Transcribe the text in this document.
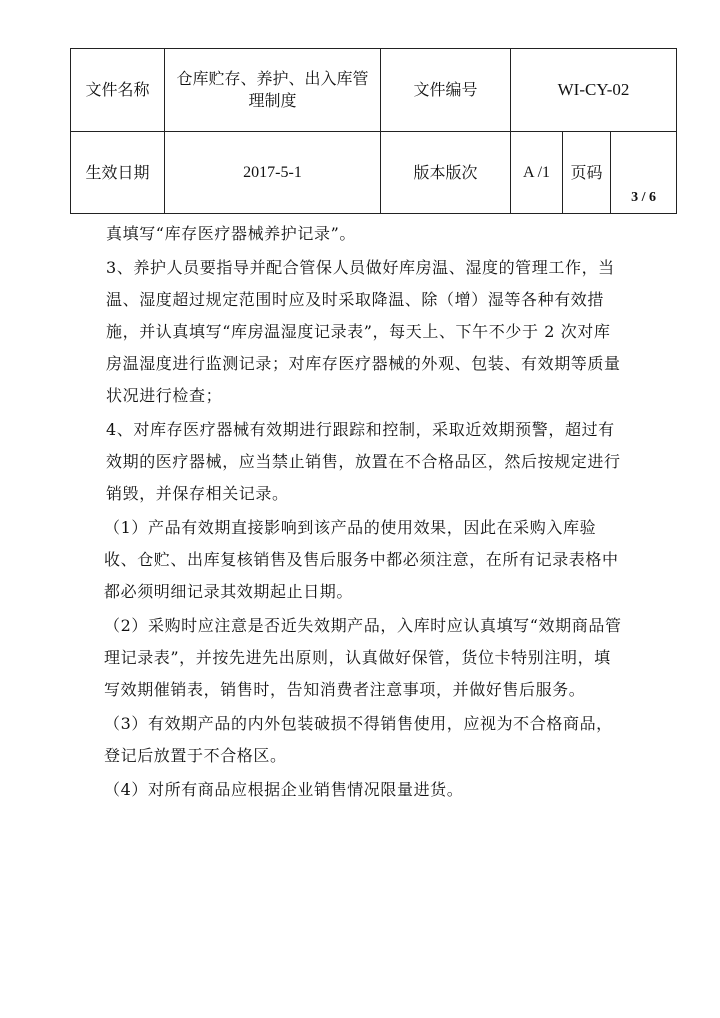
文件名称	仓库贮存、养护、出入库管理制度	文件编号	WI-CY-02		
生效日期	2017-5-1	版本版次	A /1	页码	3 / 6

真填写“库存医疗器械养护记录”。

3、养护人员要指导并配合管保人员做好库房温、湿度的管理工作，当温、湿度超过规定范围时应及时采取降温、除（增）湿等各种有效措施，并认真填写“库房温湿度记录表”，每天上、下午不少于 2 次对库房温湿度进行监测记录；对库存医疗器械的外观、包装、有效期等质量状况进行检查；

4、对库存医疗器械有效期进行跟踪和控制，采取近效期预警，超过有效期的医疗器械，应当禁止销售，放置在不合格品区，然后按规定进行销毁，并保存相关记录。

（1）产品有效期直接影响到该产品的使用效果，因此在采购入库验收、仓贮、出库复核销售及售后服务中都必须注意，在所有记录表格中都必须明细记录其效期起止日期。

（2）采购时应注意是否近失效期产品，入库时应认真填写“效期商品管理记录表”，并按先进先出原则，认真做好保管，货位卡特别注明，填写效期催销表，销售时，告知消费者注意事项，并做好售后服务。

（3）有效期产品的内外包装破损不得销售使用，应视为不合格商品，登记后放置于不合格区。

（4）对所有商品应根据企业销售情况限量进货。
